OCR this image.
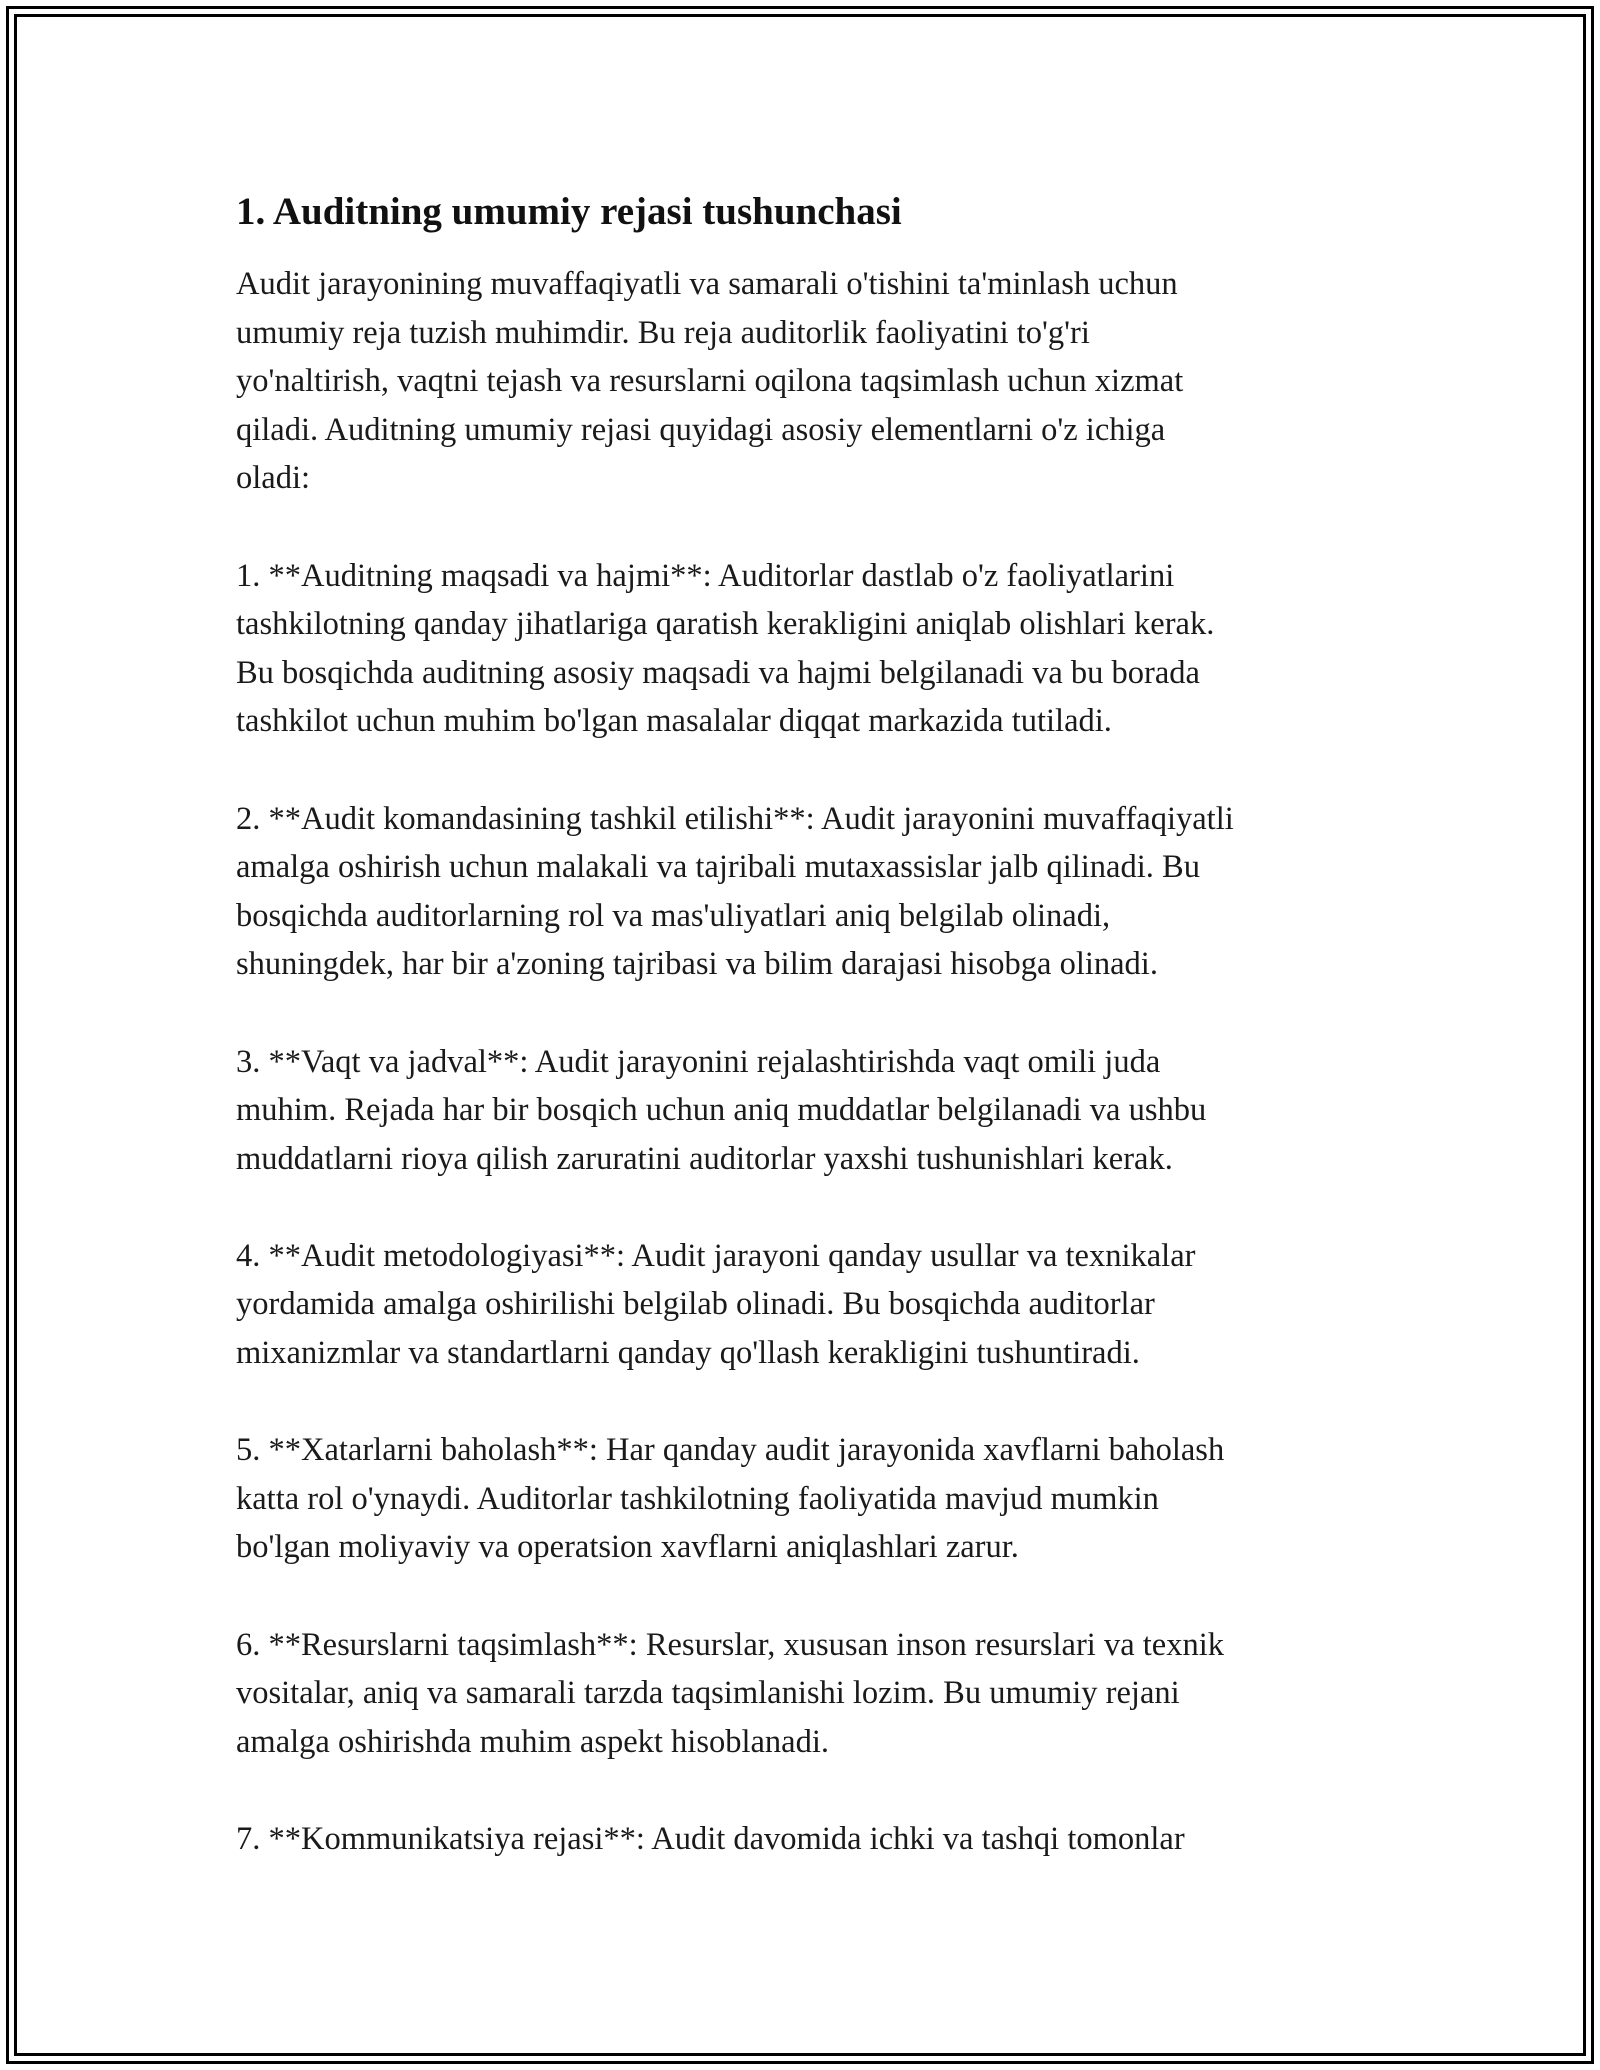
1. Auditning umumiy rejasi tushunchasi

Audit jarayonining muvaffaqiyatli va samarali o'tishini ta'minlash uchun
umumiy reja tuzish muhimdir. Bu reja auditorlik faoliyatini to'g'ri
yo'naltirish, vaqtni tejash va resurslarni oqilona taqsimlash uchun xizmat
qiladi. Auditning umumiy rejasi quyidagi asosiy elementlarni o'z ichiga
oladi:

1. **Auditning maqsadi va hajmi**: Auditorlar dastlab o'z faoliyatlarini
tashkilotning qanday jihatlariga qaratish kerakligini aniqlab olishlari kerak.
Bu bosqichda auditning asosiy maqsadi va hajmi belgilanadi va bu borada
tashkilot uchun muhim bo'lgan masalalar diqqat markazida tutiladi.

2. **Audit komandasining tashkil etilishi**: Audit jarayonini muvaffaqiyatli
amalga oshirish uchun malakali va tajribali mutaxassislar jalb qilinadi. Bu
bosqichda auditorlarning rol va mas'uliyatlari aniq belgilab olinadi,
shuningdek, har bir a'zoning tajribasi va bilim darajasi hisobga olinadi.

3. **Vaqt va jadval**: Audit jarayonini rejalashtirishda vaqt omili juda
muhim. Rejada har bir bosqich uchun aniq muddatlar belgilanadi va ushbu
muddatlarni rioya qilish zaruratini auditorlar yaxshi tushunishlari kerak.

4. **Audit metodologiyasi**: Audit jarayoni qanday usullar va texnikalar
yordamida amalga oshirilishi belgilab olinadi. Bu bosqichda auditorlar
mixanizmlar va standartlarni qanday qo'llash kerakligini tushuntiradi.

5. **Xatarlarni baholash**: Har qanday audit jarayonida xavflarni baholash
katta rol o'ynaydi. Auditorlar tashkilotning faoliyatida mavjud mumkin
bo'lgan moliyaviy va operatsion xavflarni aniqlashlari zarur.

6. **Resurslarni taqsimlash**: Resurslar, xususan inson resurslari va texnik
vositalar, aniq va samarali tarzda taqsimlanishi lozim. Bu umumiy rejani
amalga oshirishda muhim aspekt hisoblanadi.

7. **Kommunikatsiya rejasi**: Audit davomida ichki va tashqi tomonlar
